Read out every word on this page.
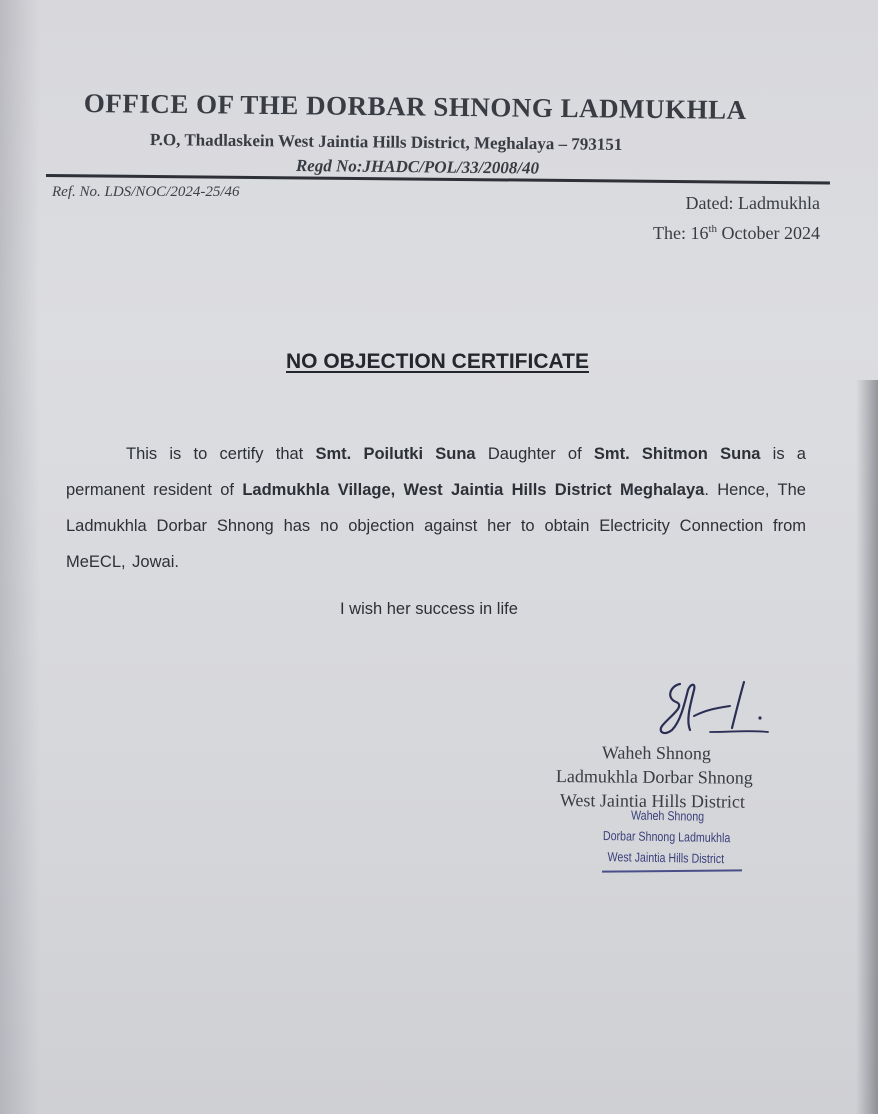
OFFICE OF THE DORBAR SHNONG LADMUKHLA
P.O, Thadlaskein West Jaintia Hills District, Meghalaya – 793151
Regd No:JHADC/POL/33/2008/40
Ref. No. LDS/NOC/2024-25/46
Dated: Ladmukhla
The: 16th October 2024
NO OBJECTION CERTIFICATE
This is to certify that Smt. Poilutki Suna Daughter of Smt. Shitmon Suna is a permanent resident of Ladmukhla Village, West Jaintia Hills District Meghalaya. Hence, The Ladmukhla Dorbar Shnong has no objection against her to obtain Electricity Connection from MeECL, Jowai.
I wish her success in life
Waheh Shnong
Ladmukhla Dorbar Shnong
West Jaintia Hills District
Waheh Shnong
Dorbar Shnong Ladmukhla
West Jaintia Hills District
